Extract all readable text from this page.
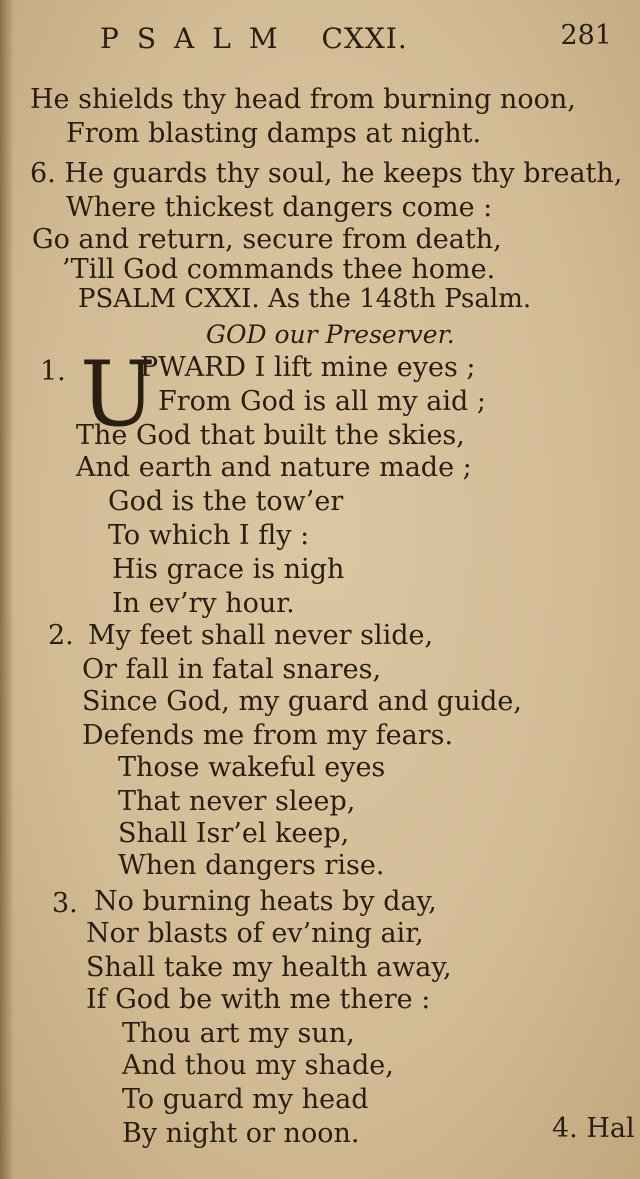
PSALM CXXI.	281
He shields thy head from burning noon,
From blasting damps at night.
6. He guards thy soul, he keeps thy breath,
Where thickest dangers come :
Go and return, secure from death,
’Till God commands thee home.
PSALM CXXI. As the 148th Psalm.
GOD our Preserver.
1. U
PWARD I lift mine eyes ;
From God is all my aid ;
The God that built the skies,
And earth and nature made ;
God is the tow’er
To which I fly :
His grace is nigh
In ev’ry hour.
2. My feet shall never slide,
Or fall in fatal snares,
Since God, my guard and guide,
Defends me from my fears.
Those wakeful eyes
That never sleep,
Shall Isr’el keep,
When dangers rise.
3. No burning heats by day,
Nor blasts of ev’ning air,
Shall take my health away,
If God be with me there :
Thou art my sun,
And thou my shade,
To guard my head
By night or noon.	4. Hal
